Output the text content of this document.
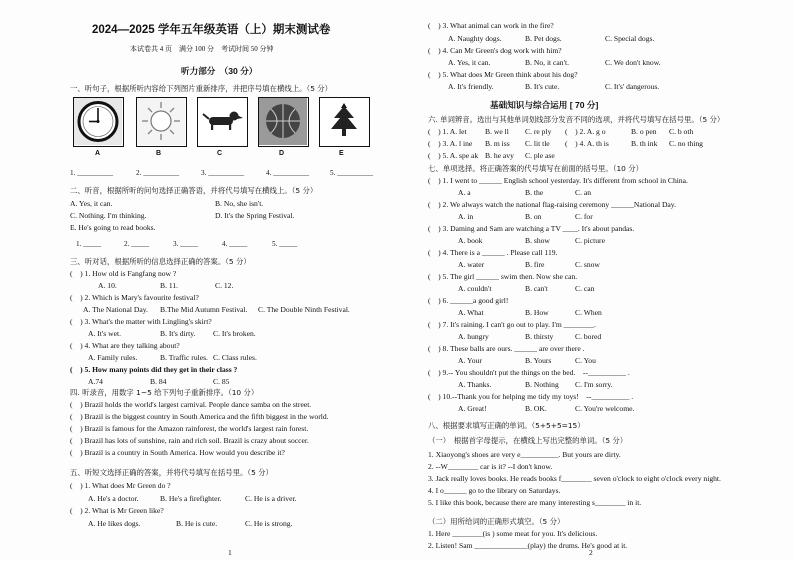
2024—2025 学年五年级英语（上）期末测试卷
本试卷共 4 页　满分 100 分　考试时间 50 分钟
听力部分　（30 分）
一、听句子，根据所听内容给下列图片重新排序，并把序号填在横线上。（5 分）
A	B	C	D	E
1. __________	2. __________	3. __________	4. __________	5. __________
二、听音，根据所听的问句选择正确答语，并将代号填写在横线上。（5 分）
A. Yes, it can.	B. No, she isn't.
C. Nothing. I'm thinking.	D. It's the Spring Festival.
E. He's going to read books.
1. _____	2. _____	3. _____	4. _____	5. _____
三、听对话，根据所听的信息选择正确的答案。（5 分）
(　) 1. How old is Fangfang now ?
A. 10.	B. 11.	C. 12.
(　) 2. Which is Mary's favourite festival?
A. The National Day. B.The Mid Autumn Festival. C. The Double Ninth Festival.
(　) 3. What's the matter with Lingling's skirt?
A. It's wet.	B. It's dirty. C. It's broken.
(　) 4. What are they talking about?
A. Family rules.	B. Traffic rules. C. Class rules.
(　) 5. How many points did they get in their class ?
A.74	B. 84	C. 85
四. 听录音，用数字 1~5 给下列句子重新排序。（10 分）
(　) Brazil holds the world's largest carnival. People dance samba on the street.
(　) Brazil is the biggest country in South America and the fifth biggest in the world.
(　) Brazil is famous for the Amazon rainforest, the world's largest rain forest.
(　) Brazil has lots of sunshine, rain and rich soil. Brazil is crazy about soccer.
(　) Brazil is a country in South America. How would you describe it?
五、听短文选择正确的答案，并将代号填写在括号里。（5 分）
(　) 1. What does Mr Green do ?
A. He's a doctor.	B. He's a firefighter.	C. He is a driver.
(　) 2. What is Mr Green like?
A. He likes dogs.	B. He is cute.	C. He is strong.
1
(　) 3. What animal can work in the fire?
A. Naughty dogs.	B. Pet dogs.	C. Special dogs.
(　) 4. Can Mr Green's dog work with him?
A. Yes, it can.	B. No, it can't.	C. We don't know.
(　) 5. What does Mr Green think about his dog?
A. It's friendly.	B. It's cute.	C. It's' dangerous.
基础知识与综合运用 [ 70 分]
六. 单词辨音。选出与其他单词划线部分发音不同的选项，并将代号填写在括号里。（5 分）
(　) 1. A. let B. we ll C. re ply (　) 2. A. g o	B. o pen C. b oth
(　) 3. A. l ine B. m iss C. lit tle (　) 4. A. th is	B. th ink C. no thing
(　) 5. A. spe ak B. he avy C. ple ase
七、单项选择。将正确答案的代号填写在前面的括号里。（10 分）
(　) 1. I went to ______ English school yesterday. It's different from school in China.
A. a	B. the	C. an
(　) 2. We always watch the national flag-raising ceremony ______National Day.
A. in	B. on	C. for
(　) 3. Daming and Sam are watching a TV ____. It's about pandas.
A. book	B. show	C. picture
(　) 4. There is a ______ . Please call 119.
A. water	B. fire	C. snow
(　) 5. The girl ______ swim then. Now she can.
A. couldn't	B. can't	C. can
(　) 6. ______a good girl!
A. What	B. How	C. When
(　) 7. It's raining. I can't go out to play. I'm ________.
A. hungry	B. thirsty	C. bored
(　) 8. These balls are ours. ______ are over there .
A. Your	B. Yours	C. You
(　) 9.-- You shouldn't put the things on the bed.　--__________ .
A. Thanks.	B. Nothing C. I'm sorry.
(　) 10.--Thank you for helping me tidy my toys!　--__________ .
A. Great!	B. OK.	C. You're welcome.
八、根据要求填写正确的单词。（5+5+5=15）
（一）　根据首字母提示，在横线上写出完整的单词。（5 分）
1. Xiaoyong's shoes are very e__________. But yours are dirty.
2. --W________ car is it? --I don't know.
3. Jack really loves books. He reads books f________ seven o'clock to eight o'clock every night.
4. I o______ go to the library on Saturdays.
5. I like this book, because there are many interesting s________ in it.
（二）用所给词的正确形式填空。（5 分）
1. Here ________(is ) some meat for you. It's delicious.
2. Listen! Sam ______________(play) the drums. He's good at it.
2
